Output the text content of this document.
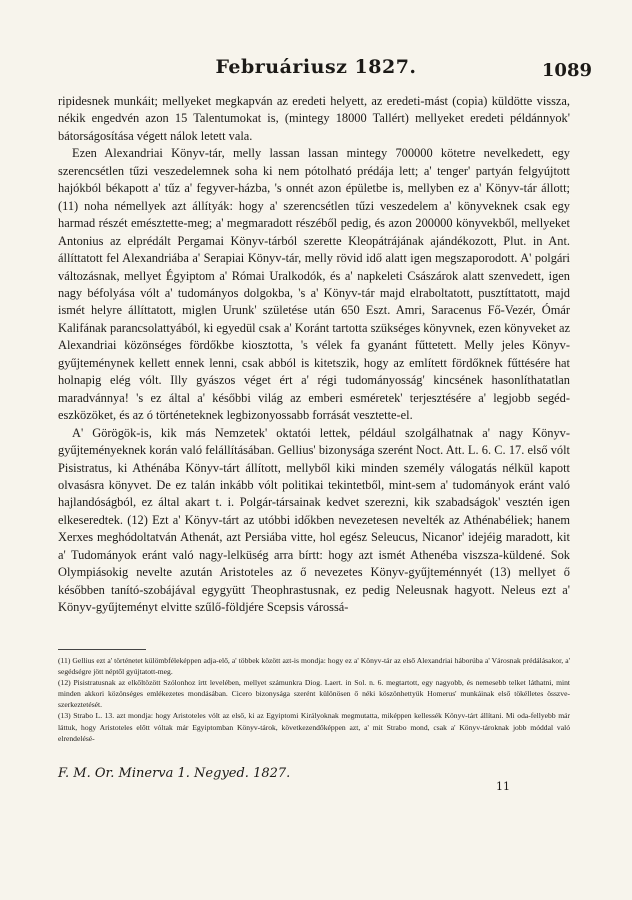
Februáriusz 1827.	1089

ripidesnek munkáit; mellyeket megkapván az eredeti helyett, az eredeti-mást (copia) küldötte vissza, nékik engedvén azon 15 Talentumokat is, (mintegy 18000 Tallért) mellyeket eredeti példánnyok' bátorságosítása végett nálok letett vala.

Ezen Alexandriai Könyv-tár, melly lassan lassan mintegy 700000 kötetre nevelkedett, egy szerencsétlen tűzi veszedelemnek soha ki nem pótolható prédája lett; a' tenger' partyán felgyújtott hajókból békapott a' tűz a' fegyver-házba, 's onnét azon épületbe is, mellyben ez a' Könyv-tár állott; (11) noha némellyek azt állítyák: hogy a' szerencsétlen tűzi veszedelem a' könyveknek csak egy harmad részét emésztette-meg; a' megmaradott részéből pedig, és azon 200000 könyvekből, mellyeket Antonius az elprédált Pergamai Könyv-tárból szerette Kleopátrájának ajándékozott, Plut. in Ant. állíttatott fel Alexandriába a' Serapiai Könyv-tár, melly rövid idő alatt igen megszaporodott. A' polgári változásnak, mellyet Égyiptom a' Római Uralkodók, és a' napkeleti Császárok alatt szenvedett, igen nagy béfolyása vólt a' tudományos dolgokba, 's a' Könyv-tár majd elraboltatott, pusztíttatott, majd ismét helyre állíttatott, miglen Urunk' születése után 650 Eszt. Amri, Saracenus Fő-Vezér, Ómár Kalifának parancsolattyából, ki egyedül csak a' Koránt tartotta szükséges könyvnek, ezen könyveket az Alexandriai közönséges fördőkbe kiosztotta, 's vélek fa gyanánt fűttetett. Melly jeles Könyv-gyűjteménynek kellett ennek lenni, csak abból is kitetszik, hogy az említett fördőknek fűttésére hat holnapig elég vólt. Illy gyászos véget ért a' régi tudományosság' kincsének hasonlíthatatlan maradvánnya! 's ez által a' későbbi világ az emberi esméretek' terjesztésére a' legjobb segéd-eszközöket, és az ó történeteknek legbizonyossabb forrását vesztette-el.

A' Görögök-is, kik más Nemzetek' oktatói lettek, például szolgálhatnak a' nagy Könyv-gyűjteményeknek korán való felállításában. Gellius' bizonysága szerént Noct. Att. L. 6. C. 17. első vólt Pisistratus, ki Athénába Könyv-tárt állított, mellyből kiki minden személy válogatás nélkül kapott olvasásra könyvet. De ez talán inkább vólt politikai tekintetből, mint-sem a' tudományok eránt való hajlandóságból, ez által akart t. i. Polgár-társainak kedvet szerezni, kik szabadságok' vesztén igen elkeseredtek. (12) Ezt a' Könyv-tárt az utóbbi időkben nevezetesen nevelték az Athénabéliek; hanem Xerxes meghódoltatván Athenát, azt Persiába vitte, hol egész Seleucus, Nicanor' idejéig maradott, kit a' Tudományok eránt való nagy-lelküség arra bírtt: hogy azt ismét Athenéba viszsza-küldené. Sok Olympiásokig nevelte azután Aristoteles az ő nevezetes Könyv-gyűjteménnyét (13) mellyet ő későbben tanító-szobájával egygyütt Theophrastusnak, ez pedig Neleusnak hagyott. Neleus ezt a' Könyv-gyűjteményt elvitte szűlő-földjére Scepsis várossá-

(11) Gellius ezt a' történetet külömbféleképpen adja-elő, a' többek között azt-is mondja: hogy ez a' Könyv-tár az első Alexandriai háborúba a' Városnak prédálásakor, a' segédségre jött néptől gyújtatott-meg.

(12) Pisistratusnak az elkőltözött Szólonhoz írtt levelében, mellyet számunkra Diog. Laert. in Sol. n. 6. megtartott, egy nagyobb, és nemesebb telket láthatni, mint minden akkori közönséges emlékezetes mondásában. Cicero bizonysága szerént különösen ő néki köszönhettyük Homerus' munkáinak első tökélletes összve-szerkeztetését.

(13) Strabo L. 13. azt mondja: hogy Aristoteles vólt az első, ki az Egyiptomi Királyoknak megmutatta, miképpen kellessék Könyv-tárt állítani. Mi oda-fellyebb már láttuk, hogy Aristoteles előtt vóltak már Egyiptomban Könyv-tárok, következendőképpen azt, a' mit Strabo mond, csak a' Könyv-tároknak jobb móddal való elrendelésé-

F. M. Or. Minerva 1. Negyed. 1827.
11
